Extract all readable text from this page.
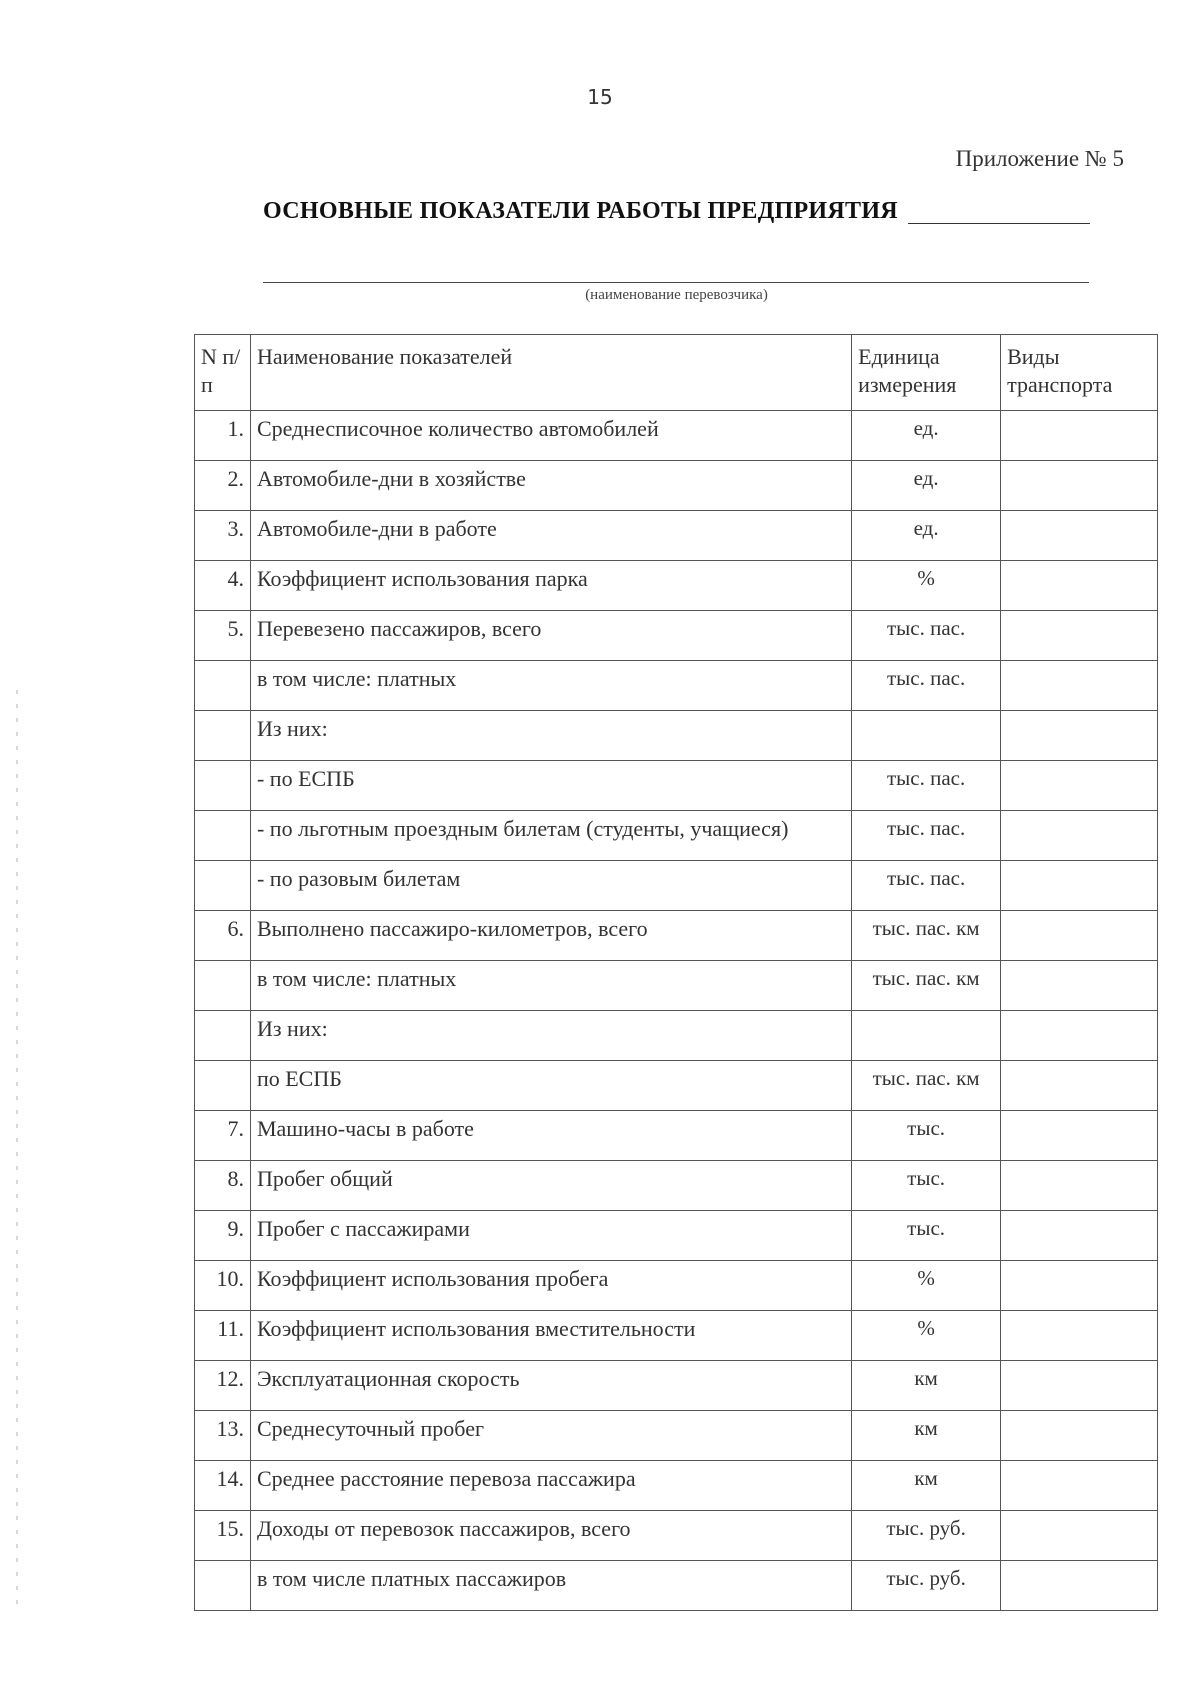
15
Приложение № 5
ОСНОВНЫЕ ПОКАЗАТЕЛИ РАБОТЫ ПРЕДПРИЯТИЯ
(наименование перевозчика)
N п/п	Наименование показателей	Единица измерения	Виды транспорта
1.	Среднесписочное количество автомобилей	ед.	
2.	Автомобиле-дни в хозяйстве	ед.	
3.	Автомобиле-дни в работе	ед.	
4.	Коэффициент использования парка	%	
5.	Перевезено пассажиров, всего	тыс. пас.	
	в том числе: платных	тыс. пас.	
	Из них:		
	- по ЕСПБ	тыс. пас.	
	- по льготным проездным билетам (студенты, учащиеся)	тыс. пас.	
	- по разовым билетам	тыс. пас.	
6.	Выполнено пассажиро-километров, всего	тыс. пас. км	
	в том числе: платных	тыс. пас. км	
	Из них:		
	по ЕСПБ	тыс. пас. км	
7.	Машино-часы в работе	тыс.	
8.	Пробег общий	тыс.	
9.	Пробег с пассажирами	тыс.	
10.	Коэффициент использования пробега	%	
11.	Коэффициент использования вместительности	%	
12.	Эксплуатационная скорость	км	
13.	Среднесуточный пробег	км	
14.	Среднее расстояние перевоза пассажира	км	
15.	Доходы от перевозок пассажиров, всего	тыс. руб.	
	в том числе платных пассажиров	тыс. руб.	
